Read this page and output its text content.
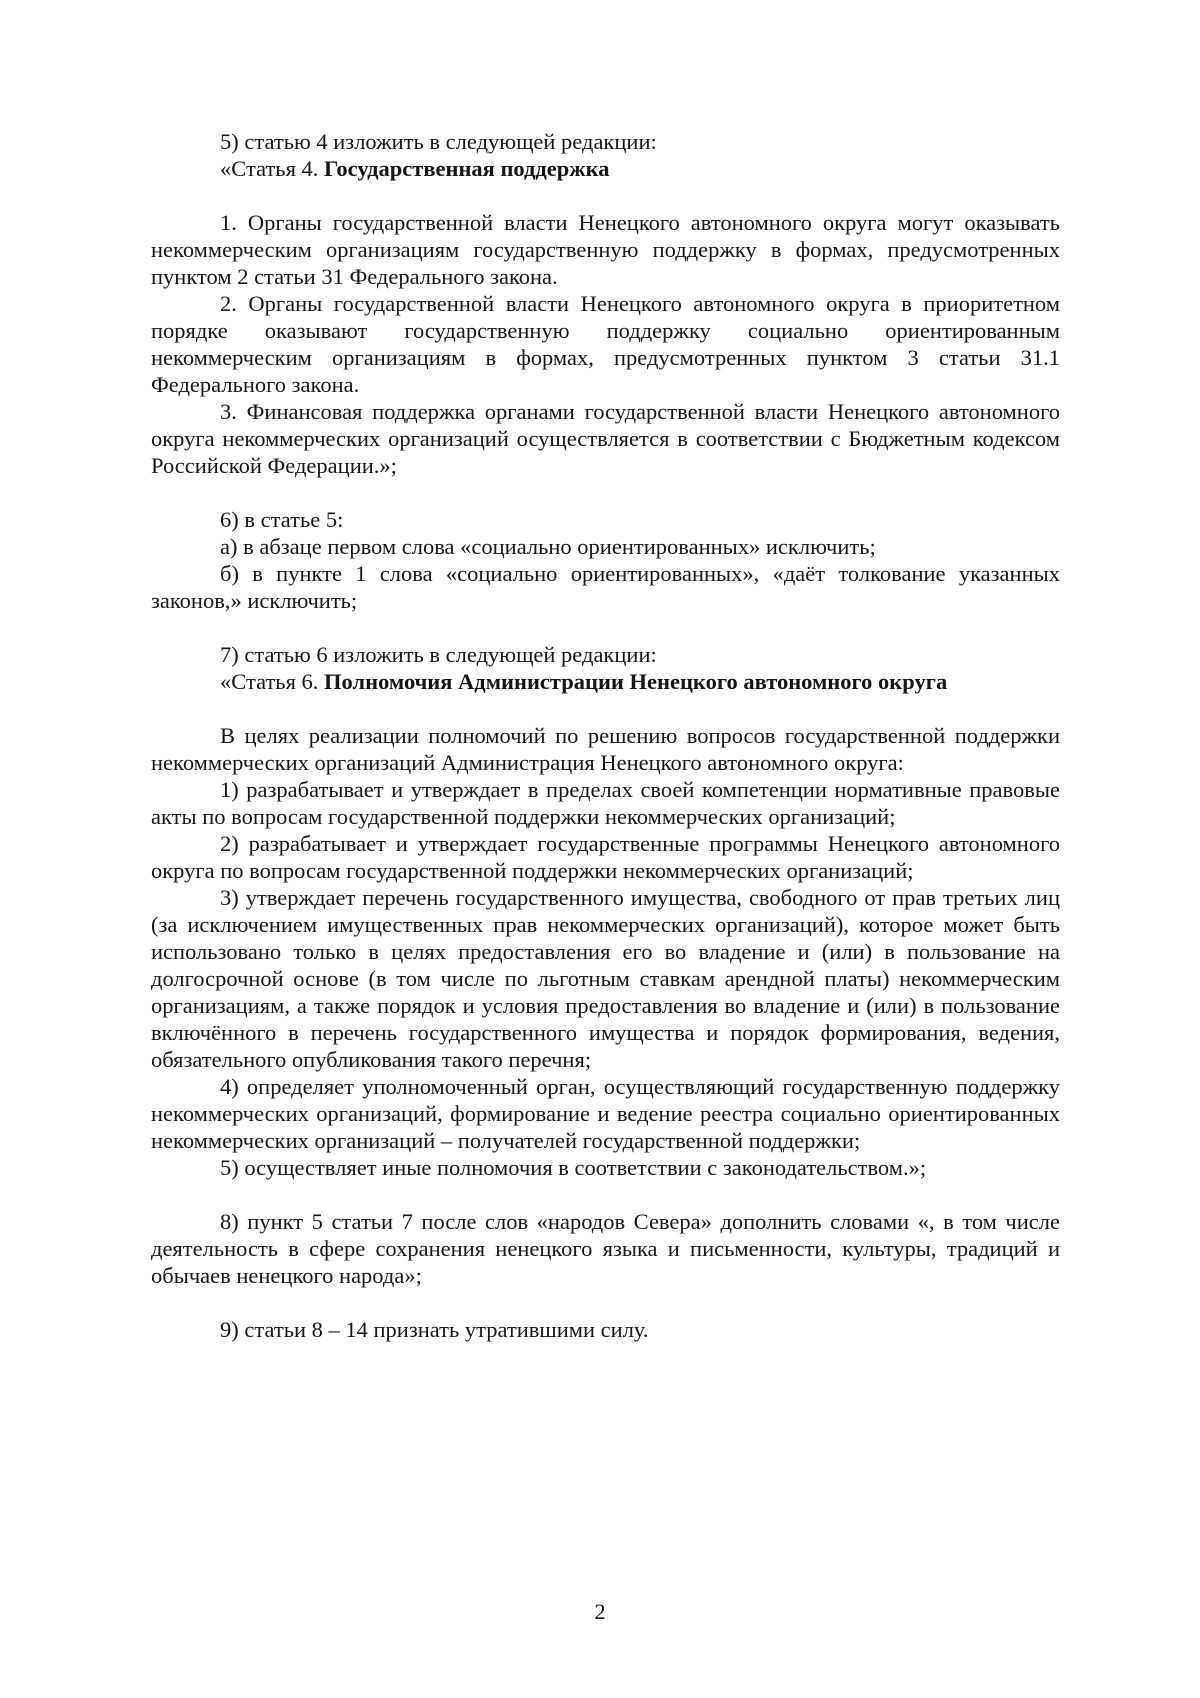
5) статью 4 изложить в следующей редакции:

«Статья 4. Государственная поддержка

1. Органы государственной власти Ненецкого автономного округа могут оказывать некоммерческим организациям государственную поддержку в формах, предусмотренных пунктом 2 статьи 31 Федерального закона.

2. Органы государственной власти Ненецкого автономного округа в приоритетном порядке оказывают государственную поддержку социально ориентированным некоммерческим организациям в формах, предусмотренных пунктом 3 статьи 31.1 Федерального закона.

3. Финансовая поддержка органами государственной власти Ненецкого автономного округа некоммерческих организаций осуществляется в соответствии с Бюджетным кодексом Российской Федерации.»;

6) в статье 5:

а) в абзаце первом слова «социально ориентированных» исключить;

б) в пункте 1 слова «социально ориентированных», «даёт толкование указанных законов,» исключить;

7) статью 6 изложить в следующей редакции:

«Статья 6. Полномочия Администрации Ненецкого автономного округа

В целях реализации полномочий по решению вопросов государственной поддержки некоммерческих организаций Администрация Ненецкого автономного округа:

1) разрабатывает и утверждает в пределах своей компетенции нормативные правовые акты по вопросам государственной поддержки некоммерческих организаций;

2) разрабатывает и утверждает государственные программы Ненецкого автономного округа по вопросам государственной поддержки некоммерческих организаций;

3) утверждает перечень государственного имущества, свободного от прав третьих лиц (за исключением имущественных прав некоммерческих организаций), которое может быть использовано только в целях предоставления его во владение и (или) в пользование на долгосрочной основе (в том числе по льготным ставкам арендной платы) некоммерческим организациям, а также порядок и условия предоставления во владение и (или) в пользование включённого в перечень государственного имущества и порядок формирования, ведения, обязательного опубликования такого перечня;

4) определяет уполномоченный орган, осуществляющий государственную поддержку некоммерческих организаций, формирование и ведение реестра социально ориентированных некоммерческих организаций – получателей государственной поддержки;

5) осуществляет иные полномочия в соответствии с законодательством.»;

8) пункт 5 статьи 7 после слов «народов Севера» дополнить словами «, в том числе деятельность в сфере сохранения ненецкого языка и письменности, культуры, традиций и обычаев ненецкого народа»;

9) статьи 8 – 14 признать утратившими силу.

2
